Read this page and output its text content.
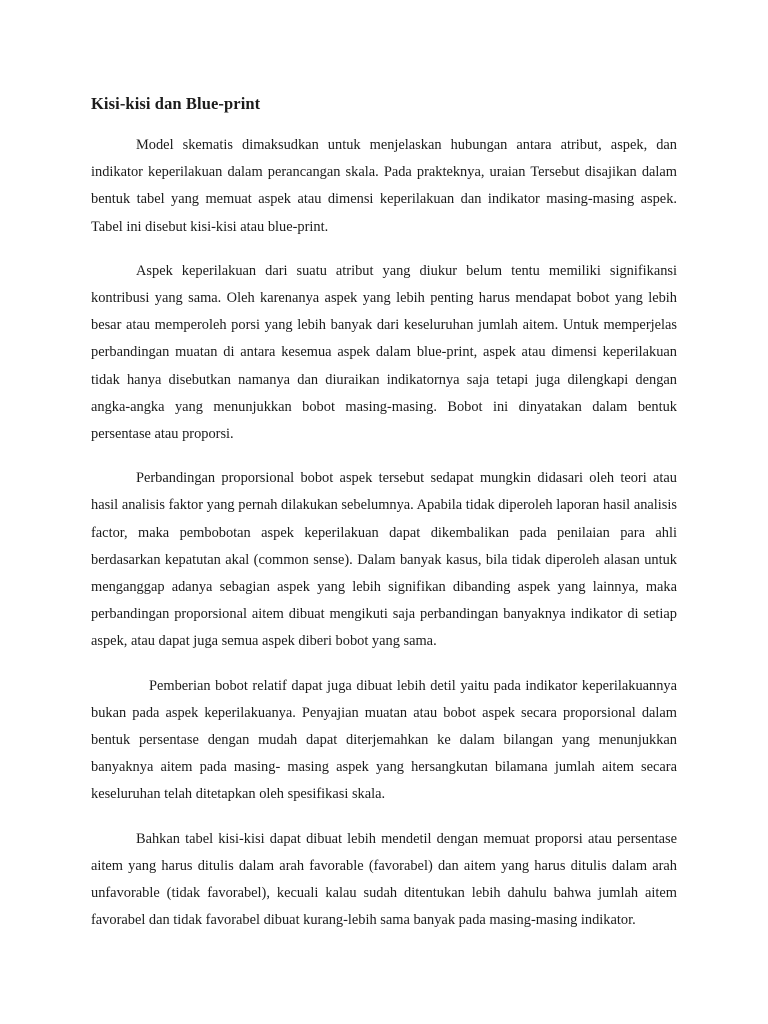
Kisi-kisi dan Blue-print

Model skematis dimaksudkan untuk menjelaskan hubungan antara atribut, aspek, dan indikator keperilakuan dalam perancangan skala. Pada prakteknya, uraian Tersebut disajikan dalam bentuk tabel yang memuat aspek atau dimensi keperilakuan dan indikator masing-masing aspek. Tabel ini disebut kisi-kisi atau blue-print.

Aspek keperilakuan dari suatu atribut yang diukur belum tentu memiliki signifikansi kontribusi yang sama. Oleh karenanya aspek yang lebih penting harus mendapat bobot yang lebih besar atau memperoleh porsi yang lebih banyak dari keseluruhan jumlah aitem. Untuk memperjelas perbandingan muatan di antara kesemua aspek dalam blue-print, aspek atau dimensi keperilakuan tidak hanya disebutkan namanya dan diuraikan indikatornya saja tetapi juga dilengkapi dengan angka-angka yang menunjukkan bobot masing-masing. Bobot ini dinyatakan dalam bentuk persentase atau proporsi.

Perbandingan proporsional bobot aspek tersebut sedapat mungkin didasari oleh teori atau hasil analisis faktor yang pernah dilakukan sebelumnya. Apabila tidak diperoleh laporan hasil analisis factor, maka pembobotan aspek keperilakuan dapat dikembalikan pada penilaian para ahli berdasarkan kepatutan akal (common sense). Dalam banyak kasus, bila tidak diperoleh alasan untuk menganggap adanya sebagian aspek yang lebih signifikan dibanding aspek yang lainnya, maka perbandingan proporsional aitem dibuat mengikuti saja perbandingan banyaknya indikator di setiap aspek, atau dapat juga semua aspek diberi bobot yang sama.

Pemberian bobot relatif dapat juga dibuat lebih detil yaitu pada indikator keperilakuannya bukan pada aspek keperilakuanya. Penyajian muatan atau bobot aspek secara proporsional dalam bentuk persentase dengan mudah dapat diterjemahkan ke dalam bilangan yang menunjukkan banyaknya aitem pada masing- masing aspek yang hersangkutan bilamana jumlah aitem secara keseluruhan telah ditetapkan oleh spesifikasi skala.

Bahkan tabel kisi-kisi dapat dibuat lebih mendetil dengan memuat proporsi atau persentase aitem yang harus ditulis dalam arah favorable (favorabel) dan aitem yang harus ditulis dalam arah unfavorable (tidak favorabel), kecuali kalau sudah ditentukan lebih dahulu bahwa jumlah aitem favorabel dan tidak favorabel dibuat kurang-lebih sama banyak pada masing-masing indikator.
